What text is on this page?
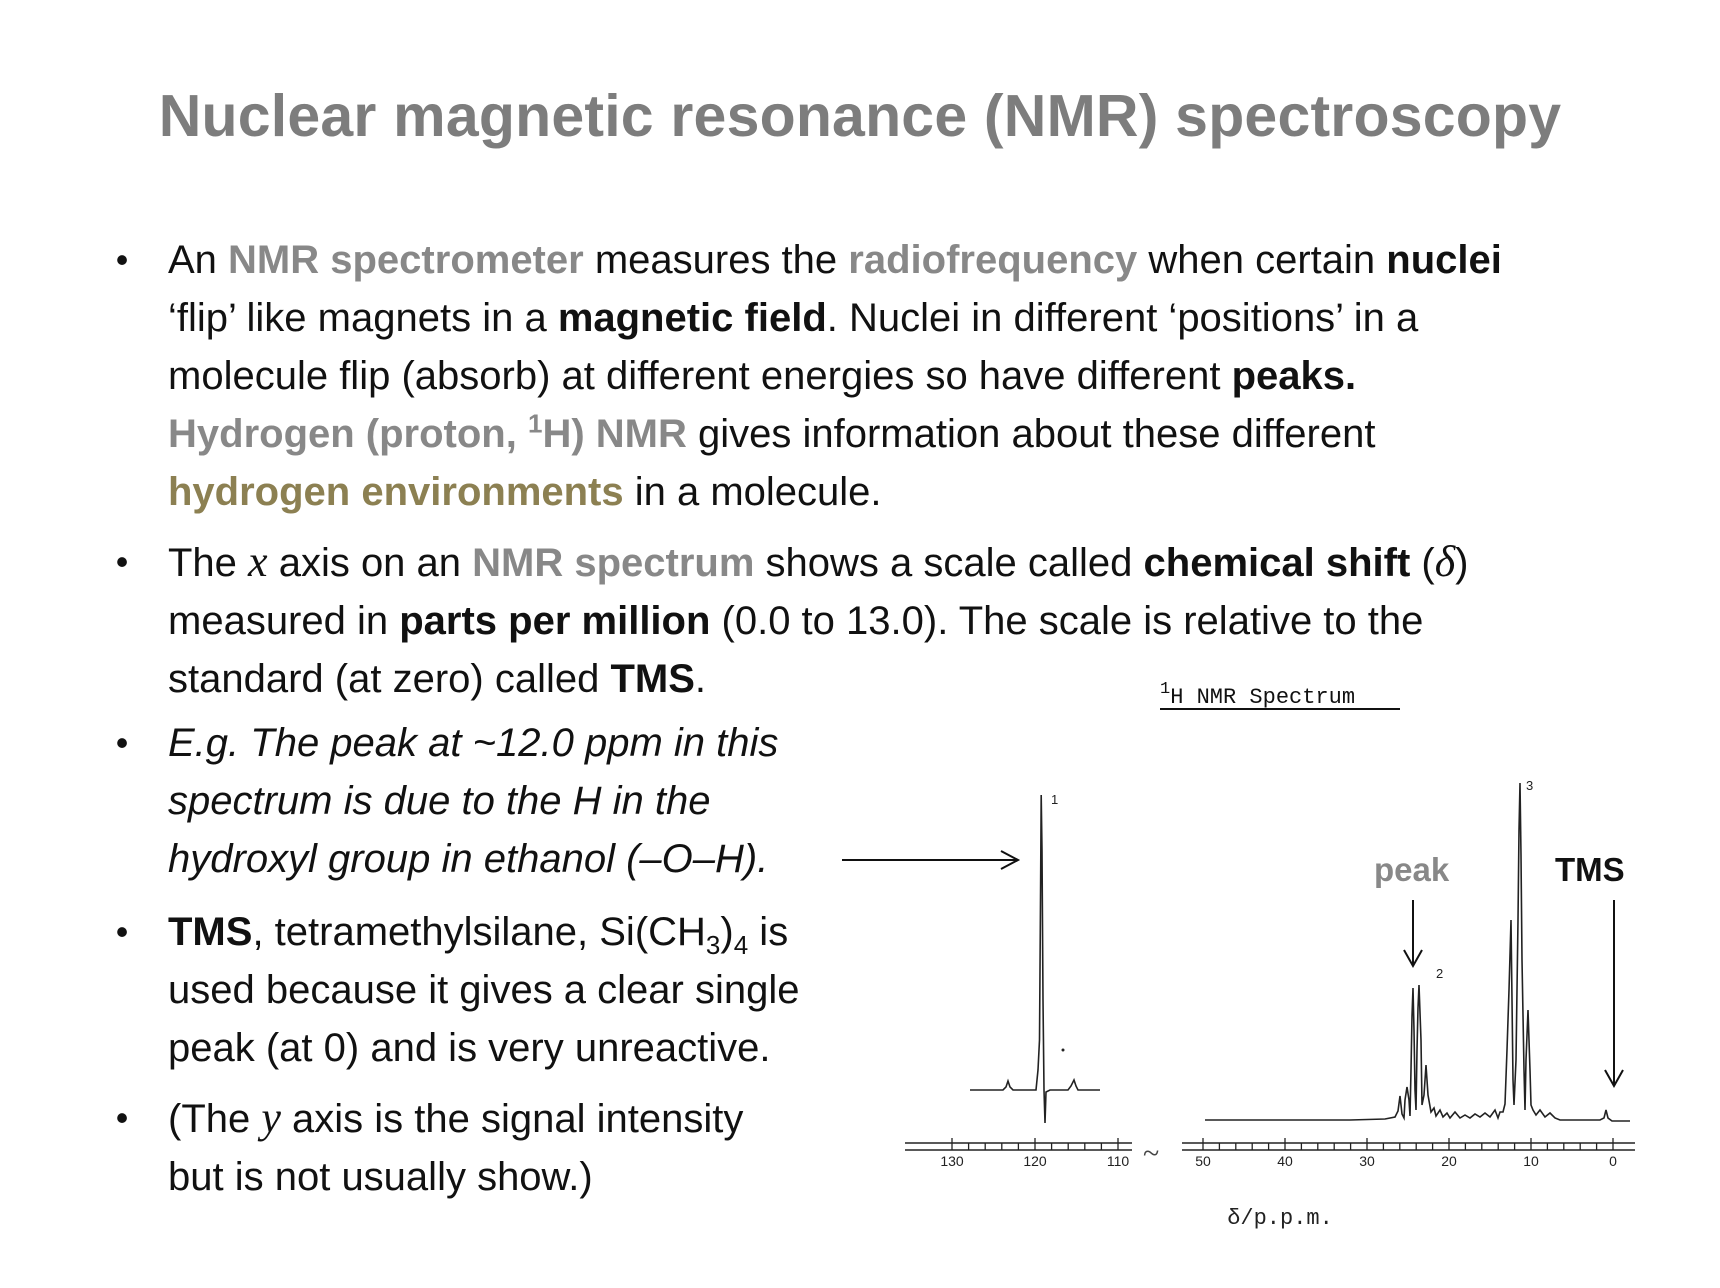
Nuclear magnetic resonance (NMR) spectroscopy
• An NMR spectrometer measures the radiofrequency when certain nuclei
‘flip’ like magnets in a magnetic field. Nuclei in different ‘positions’ in a
molecule flip (absorb) at different energies so have different peaks.
Hydrogen (proton, $^1$H) NMR gives information about these different
hydrogen environments in a molecule.
• The x axis on an NMR spectrum shows a scale called chemical shift (δ)
measured in parts per million (0.0 to 13.0). The scale is relative to the
standard (at zero) called TMS.
• E.g. The peak at ~12.0 ppm in this
spectrum is due to the H in the
hydroxyl group in ethanol (–O–H).
• TMS, tetramethylsilane, $Si(CH_3)_4$ is
used because it gives a clear single
peak (at 0) and is very unreactive.
• (The y axis is the signal intensity
but is not usually show.)
$^1$H NMR Spectrum
1
2
3
peak	TMS
~
130	120	110	50	40	30	20	10	0
δ/p.p.m.
